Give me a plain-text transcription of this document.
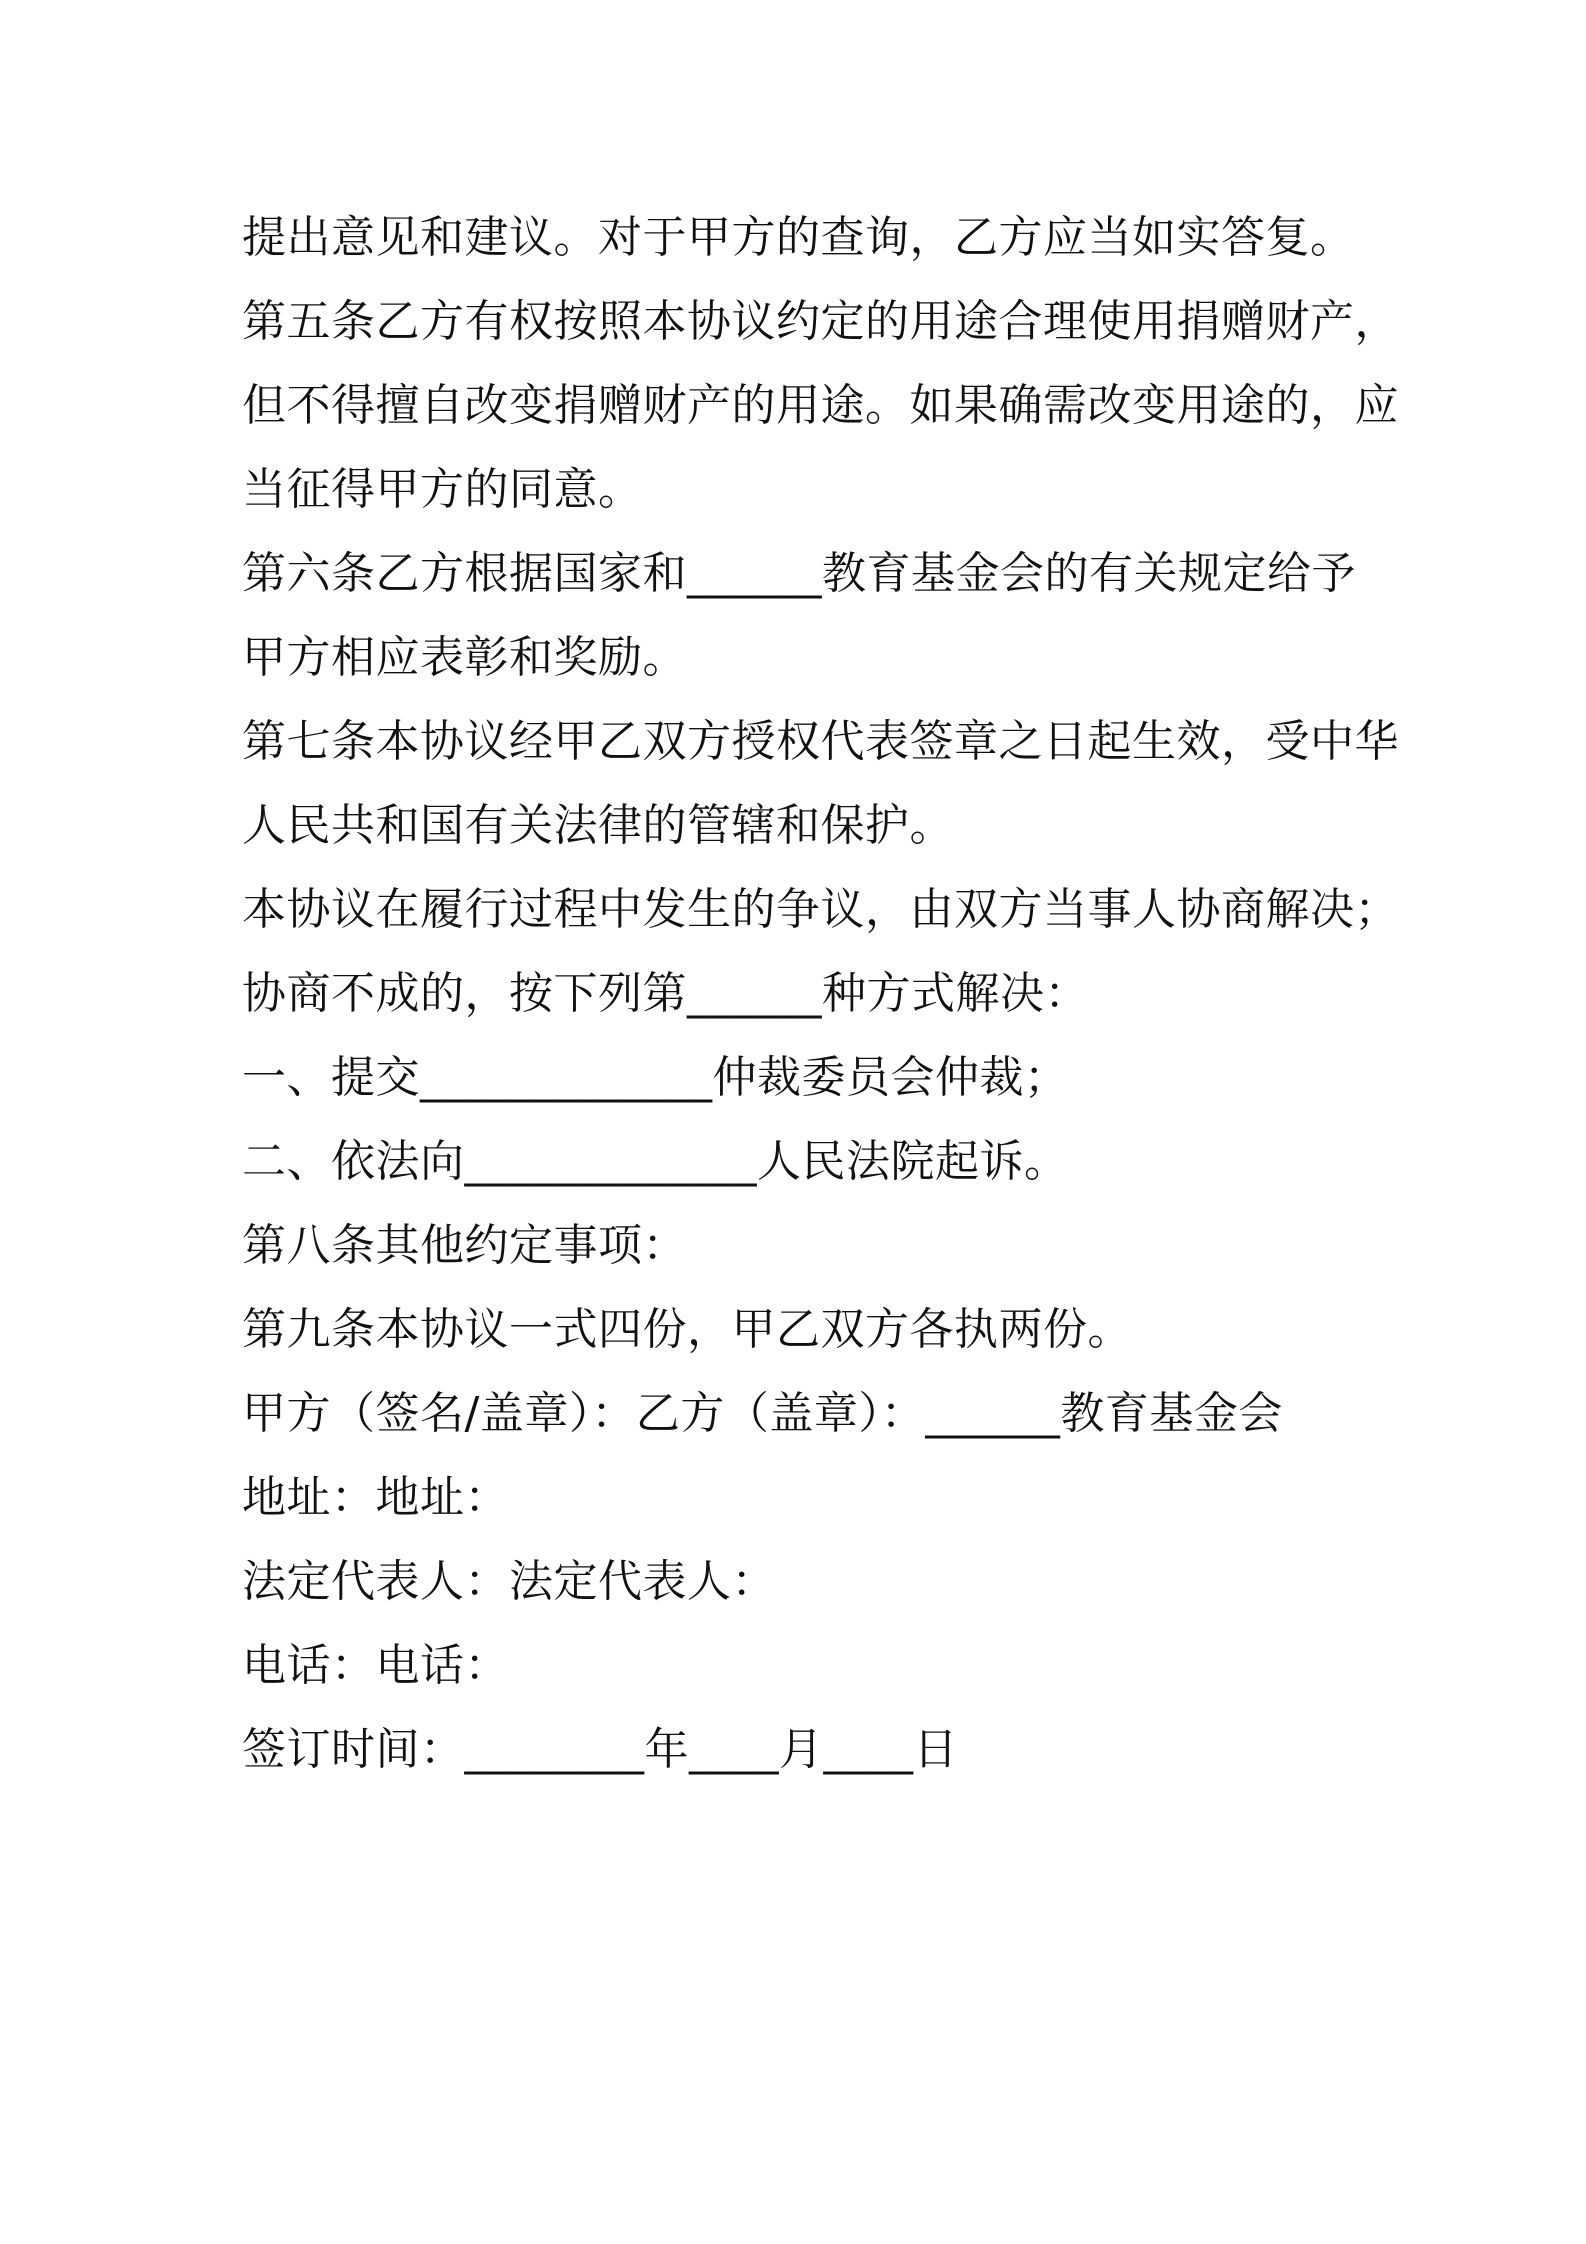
提出意见和建议。对于甲方的查询，乙方应当如实答复。
第五条乙方有权按照本协议约定的用途合理使用捐赠财产，
但不得擅自改变捐赠财产的用途。如果确需改变用途的，应
当征得甲方的同意。
第六条乙方根据国家和______教育基金会的有关规定给予
甲方相应表彰和奖励。
第七条本协议经甲乙双方授权代表签章之日起生效，受中华
人民共和国有关法律的管辖和保护。
本协议在履行过程中发生的争议，由双方当事人协商解决；
协商不成的，按下列第______种方式解决：
一、提交_____________仲裁委员会仲裁；
二、依法向_____________人民法院起诉。
第八条其他约定事项：
第九条本协议一式四份，甲乙双方各执两份。
甲方（签名/盖章）：乙方（盖章）：______教育基金会
地址：地址：
法定代表人：法定代表人：
电话：电话：
签订时间：________年____月____日
